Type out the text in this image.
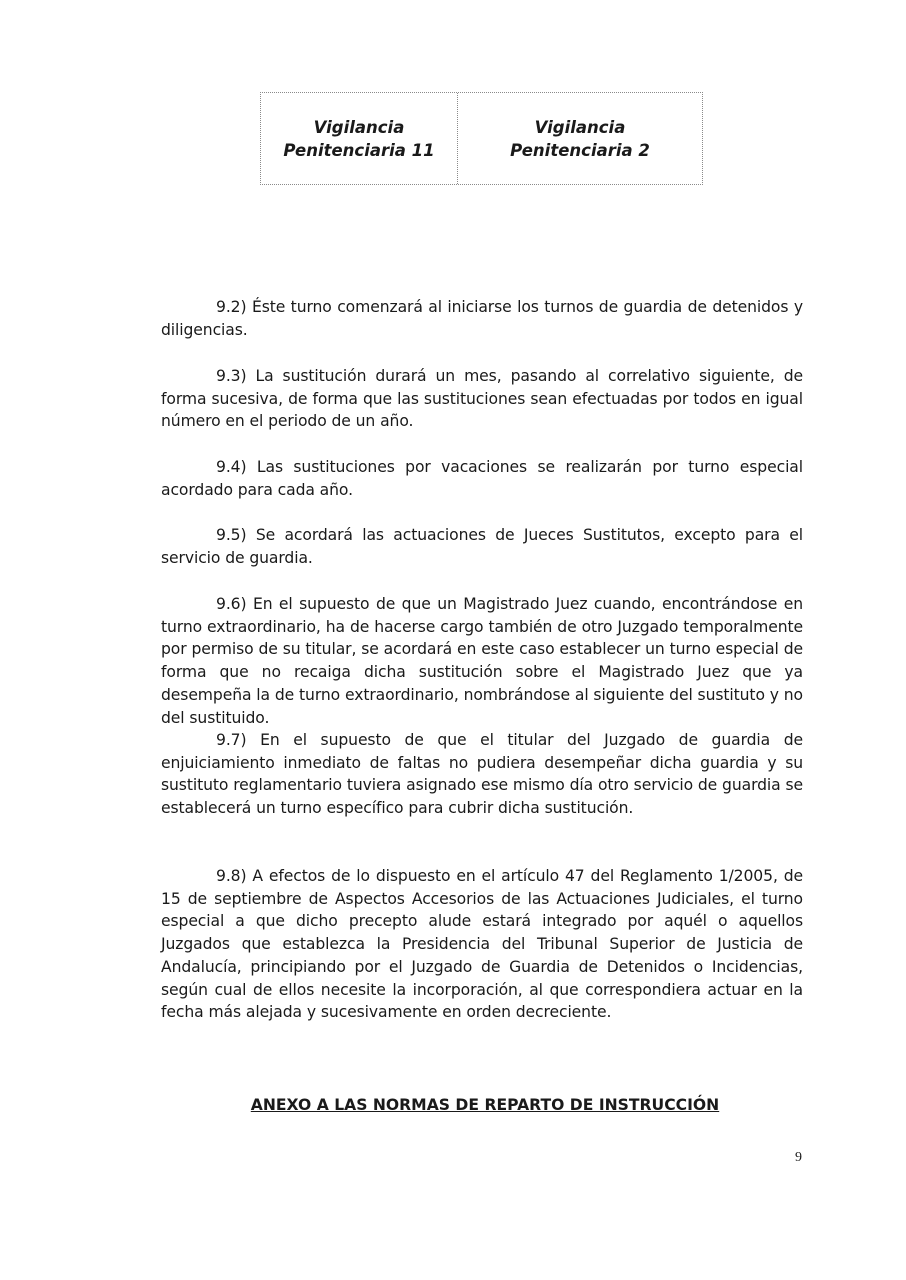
Vigilancia
Penitenciaria 11
Vigilancia
Penitenciaria 2

9.2) Éste turno comenzará al iniciarse los turnos de guardia de detenidos y diligencias.

9.3) La sustitución durará un mes, pasando al correlativo siguiente, de forma sucesiva, de forma que las sustituciones sean efectuadas por todos en igual número en el periodo de un año.

9.4) Las sustituciones por vacaciones se realizarán por turno especial acordado para cada año.

9.5) Se acordará las actuaciones de Jueces Sustitutos, excepto para el servicio de guardia.

9.6) En el supuesto de que un Magistrado Juez cuando, encontrándose en turno extraordinario, ha de hacerse cargo también de otro Juzgado temporalmente por permiso de su titular, se acordará en este caso establecer un turno especial de forma que no recaiga dicha sustitución sobre el Magistrado Juez que ya desempeña la de turno extraordinario, nombrándose al siguiente del sustituto y no del sustituido.

9.7) En el supuesto de que el titular del Juzgado de guardia de enjuiciamiento inmediato de faltas no pudiera desempeñar dicha guardia y su sustituto reglamentario tuviera asignado ese mismo día otro servicio de guardia se establecerá un turno específico para cubrir dicha sustitución.

9.8) A efectos de lo dispuesto en el artículo 47 del Reglamento 1/2005, de 15 de septiembre de Aspectos Accesorios de las Actuaciones Judiciales, el turno especial a que dicho precepto alude estará integrado por aquél o aquellos Juzgados que establezca la Presidencia del Tribunal Superior de Justicia de Andalucía, principiando por el Juzgado de Guardia de Detenidos o Incidencias, según cual de ellos necesite la incorporación, al que correspondiera actuar en la fecha más alejada y sucesivamente en orden decreciente.

ANEXO A LAS NORMAS DE REPARTO DE INSTRUCCIÓN
9
